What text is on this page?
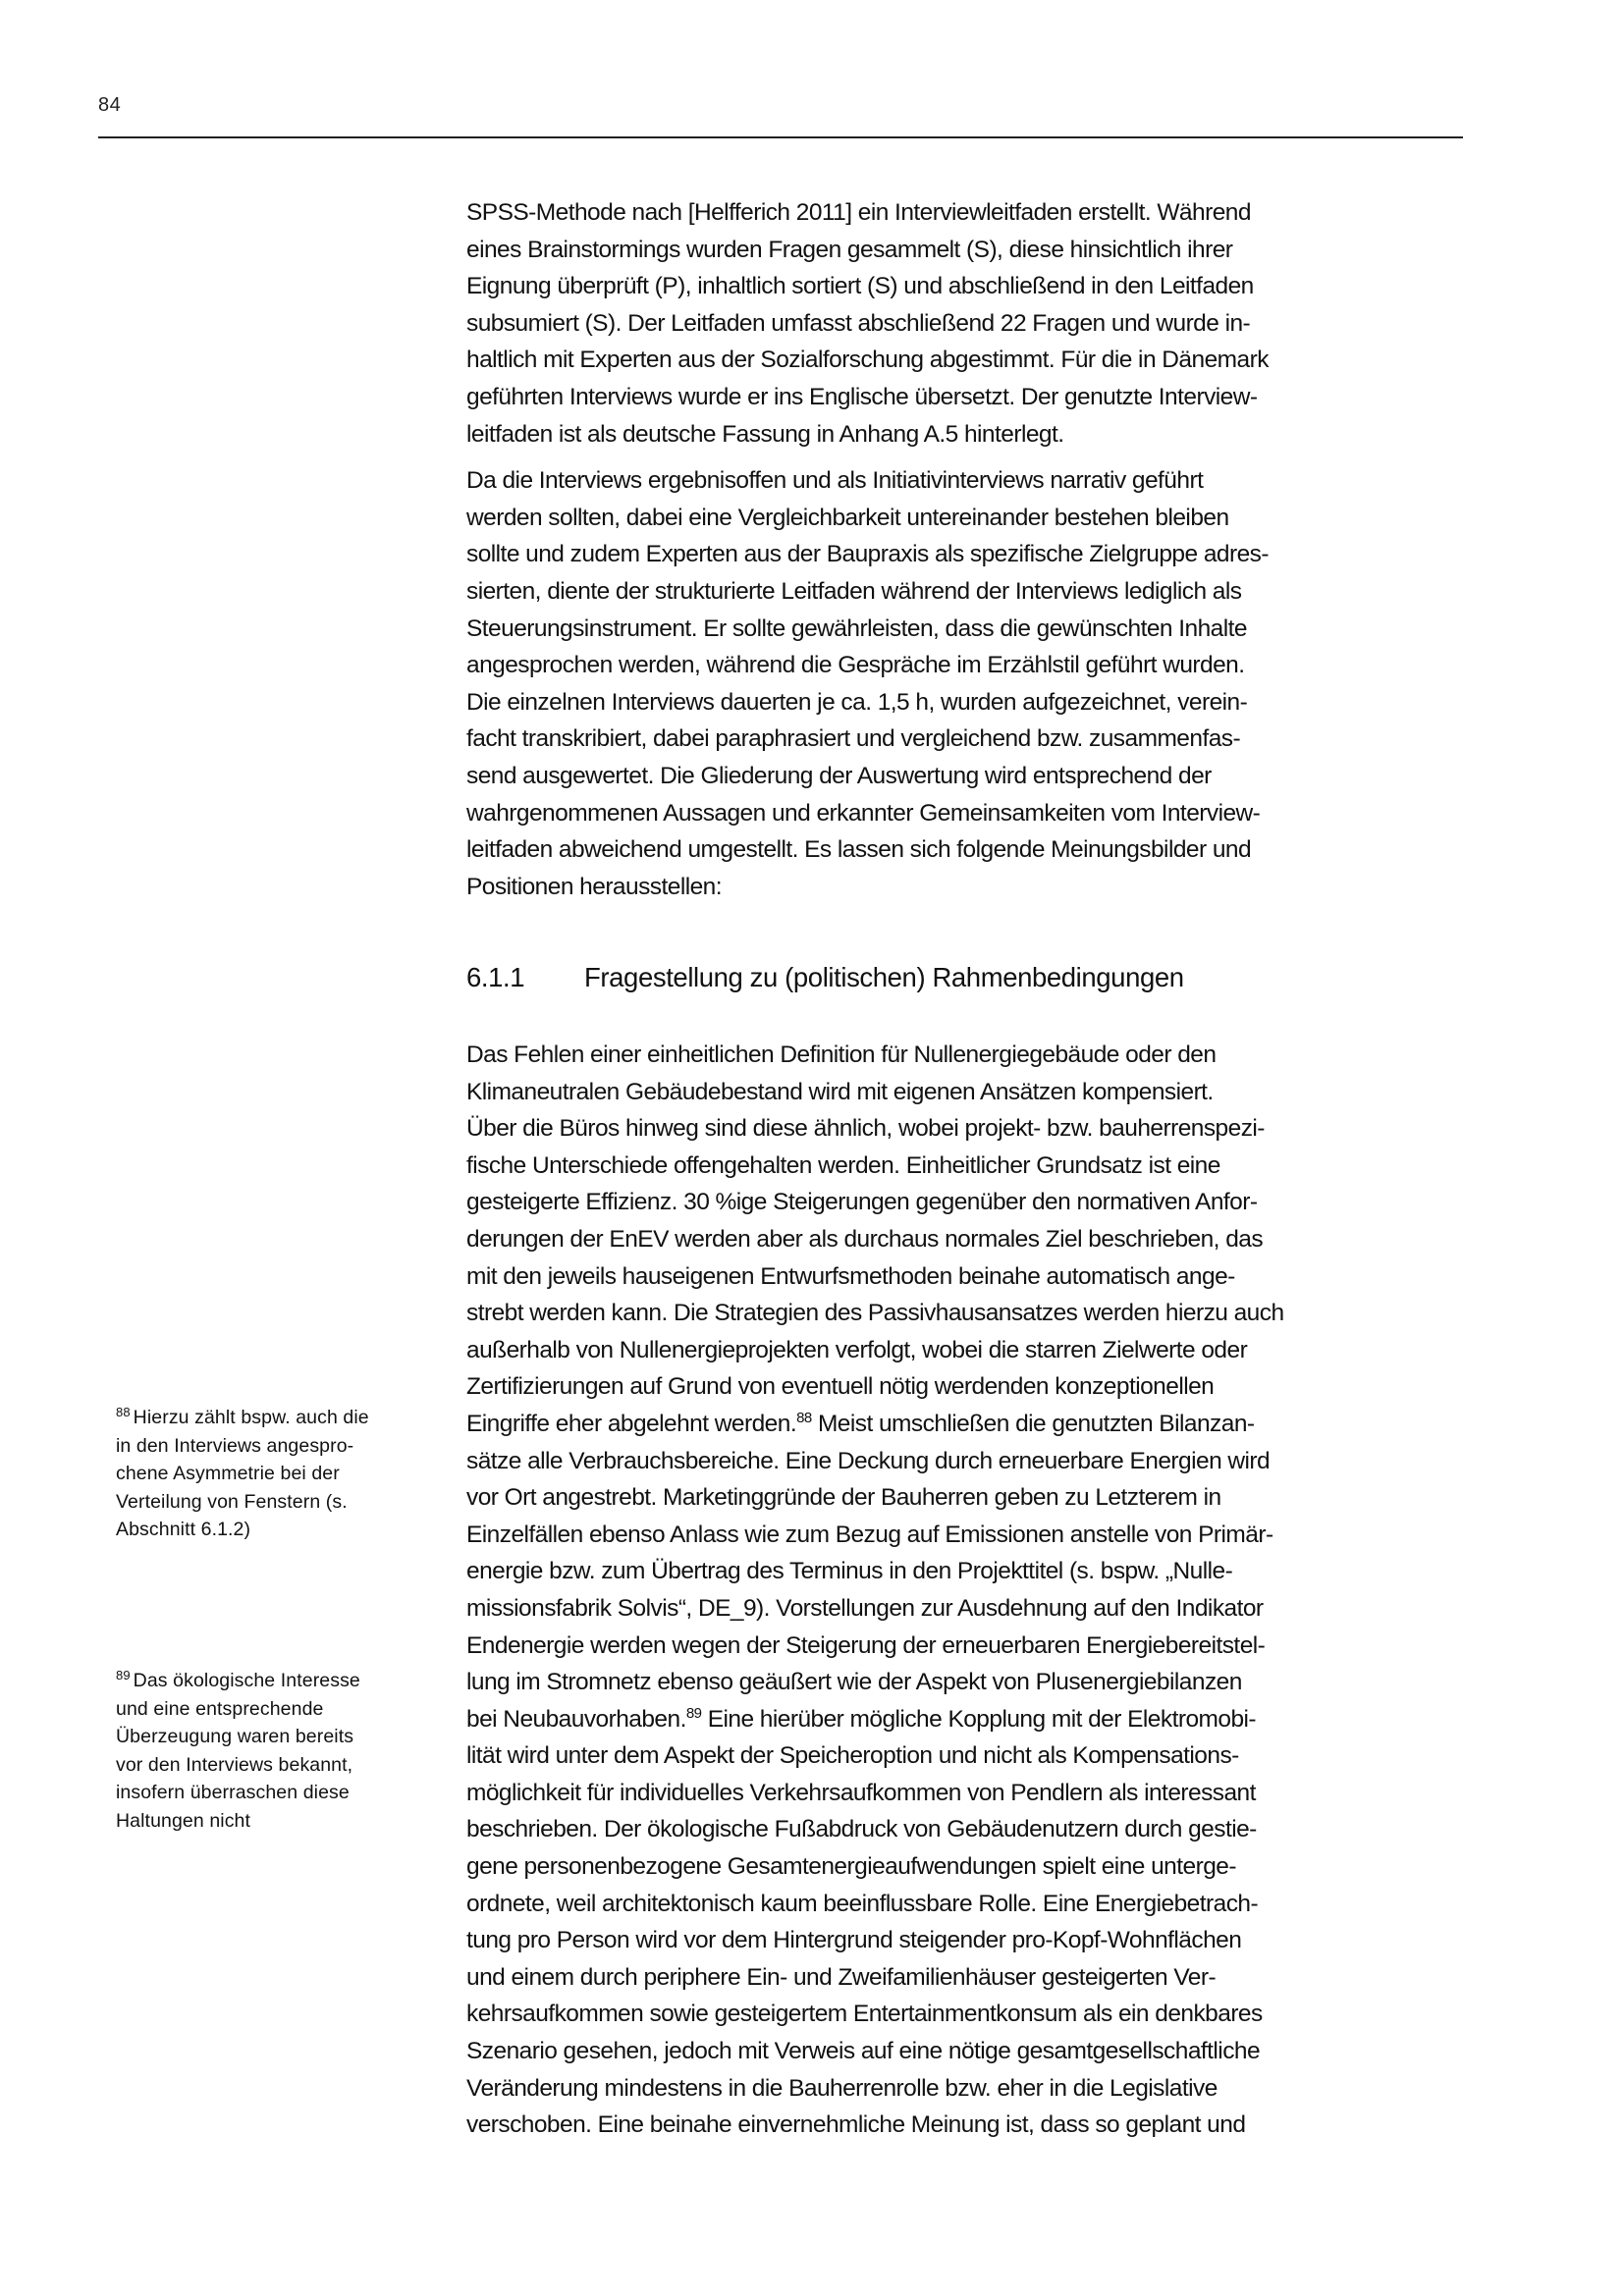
84

SPSS-Methode nach [Helfferich 2011] ein Interviewleitfaden erstellt. Während
eines Brainstormings wurden Fragen gesammelt (S), diese hinsichtlich ihrer
Eignung überprüft (P), inhaltlich sortiert (S) und abschließend in den Leitfaden
subsumiert (S). Der Leitfaden umfasst abschließend 22 Fragen und wurde in-
haltlich mit Experten aus der Sozialforschung abgestimmt. Für die in Dänemark
geführten Interviews wurde er ins Englische übersetzt. Der genutzte Interview-
leitfaden ist als deutsche Fassung in Anhang A.5 hinterlegt.

Da die Interviews ergebnisoffen und als Initiativinterviews narrativ geführt
werden sollten, dabei eine Vergleichbarkeit untereinander bestehen bleiben
sollte und zudem Experten aus der Baupraxis als spezifische Zielgruppe adres-
sierten, diente der strukturierte Leitfaden während der Interviews lediglich als
Steuerungsinstrument. Er sollte gewährleisten, dass die gewünschten Inhalte
angesprochen werden, während die Gespräche im Erzählstil geführt wurden.
Die einzelnen Interviews dauerten je ca. 1,5 h, wurden aufgezeichnet, verein-
facht transkribiert, dabei paraphrasiert und vergleichend bzw. zusammenfas-
send ausgewertet. Die Gliederung der Auswertung wird entsprechend der
wahrgenommenen Aussagen und erkannter Gemeinsamkeiten vom Interview-
leitfaden abweichend umgestellt. Es lassen sich folgende Meinungsbilder und
Positionen herausstellen:

6.1.1 Fragestellung zu (politischen) Rahmenbedingungen

Das Fehlen einer einheitlichen Definition für Nullenergiegebäude oder den
Klimaneutralen Gebäudebestand wird mit eigenen Ansätzen kompensiert.
Über die Büros hinweg sind diese ähnlich, wobei projekt- bzw. bauherrenspezi-
fische Unterschiede offengehalten werden. Einheitlicher Grundsatz ist eine
gesteigerte Effizienz. 30 %ige Steigerungen gegenüber den normativen Anfor-
derungen der EnEV werden aber als durchaus normales Ziel beschrieben, das
mit den jeweils hauseigenen Entwurfsmethoden beinahe automatisch ange-
strebt werden kann. Die Strategien des Passivhausansatzes werden hierzu auch
außerhalb von Nullenergieprojekten verfolgt, wobei die starren Zielwerte oder
Zertifizierungen auf Grund von eventuell nötig werdenden konzeptionellen
Eingriffe eher abgelehnt werden.$^{88}$ Meist umschließen die genutzten Bilanzan-
sätze alle Verbrauchsbereiche. Eine Deckung durch erneuerbare Energien wird
vor Ort angestrebt. Marketinggründe der Bauherren geben zu Letzterem in
Einzelfällen ebenso Anlass wie zum Bezug auf Emissionen anstelle von Primär-
energie bzw. zum Übertrag des Terminus in den Projekttitel (s. bspw. „Nulle-
missionsfabrik Solvis“, DE_9). Vorstellungen zur Ausdehnung auf den Indikator
Endenergie werden wegen der Steigerung der erneuerbaren Energiebereitstel-
lung im Stromnetz ebenso geäußert wie der Aspekt von Plusenergiebilanzen
bei Neubauvorhaben.$^{89}$ Eine hierüber mögliche Kopplung mit der Elektromobi-
lität wird unter dem Aspekt der Speicheroption und nicht als Kompensations-
möglichkeit für individuelles Verkehrsaufkommen von Pendlern als interessant
beschrieben. Der ökologische Fußabdruck von Gebäudenutzern durch gestie-
gene personenbezogene Gesamtenergieaufwendungen spielt eine unterge-
ordnete, weil architektonisch kaum beeinflussbare Rolle. Eine Energiebetrach-
tung pro Person wird vor dem Hintergrund steigender pro-Kopf-Wohnflächen
und einem durch periphere Ein- und Zweifamilienhäuser gesteigerten Ver-
kehrsaufkommen sowie gesteigertem Entertainmentkonsum als ein denkbares
Szenario gesehen, jedoch mit Verweis auf eine nötige gesamtgesellschaftliche
Veränderung mindestens in die Bauherrenrolle bzw. eher in die Legislative
verschoben. Eine beinahe einvernehmliche Meinung ist, dass so geplant und

$^{88}$ Hierzu zählt bspw. auch die
in den Interviews angespro-
chene Asymmetrie bei der
Verteilung von Fenstern (s.
Abschnitt 6.1.2)
$^{89}$ Das ökologische Interesse
und eine entsprechende
Überzeugung waren bereits
vor den Interviews bekannt,
insofern überraschen diese
Haltungen nicht
